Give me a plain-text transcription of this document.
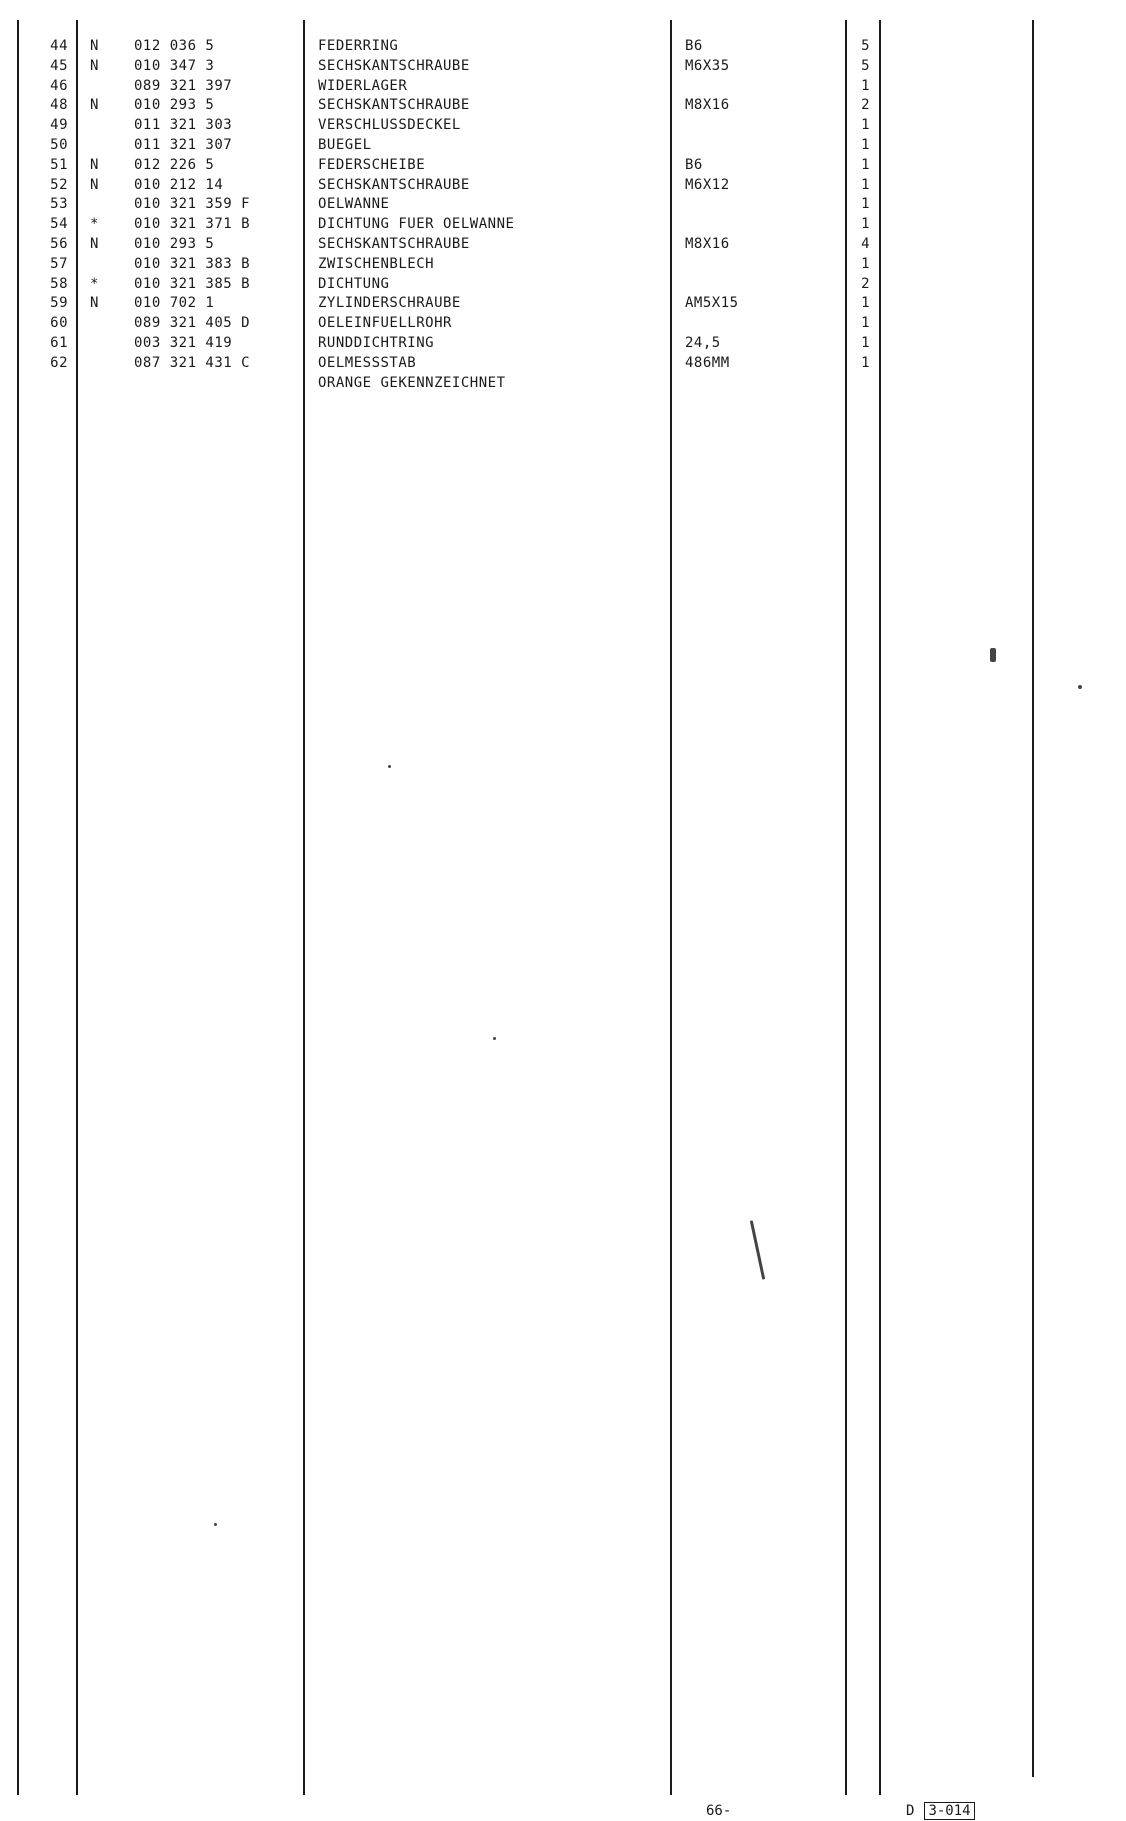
44 N	012 036 5	FEDERRING	B6	5
45 N	010 347 3	SECHSKANTSCHRAUBE	M6X35	5
46	089 321 397	WIDERLAGER	1
48 N	010 293 5	SECHSKANTSCHRAUBE	M8X16	2
49	011 321 303	VERSCHLUSSDECKEL	1
50	011 321 307	BUEGEL	1
51 N	012 226 5	FEDERSCHEIBE	B6	1
52 N	010 212 14	SECHSKANTSCHRAUBE	M6X12	1
53	010 321 359 F	OELWANNE	1
54 *	010 321 371 B	DICHTUNG FUER OELWANNE	1
56 N	010 293 5	SECHSKANTSCHRAUBE	M8X16	4
57	010 321 383 B	ZWISCHENBLECH	1
58 *	010 321 385 B	DICHTUNG	2
59 N	010 702 1	ZYLINDERSCHRAUBE	AM5X15	1
60	089 321 405 D	OELEINFUELLROHR	1
61	003 321 419	RUNDDICHTRING	24,5	1
62	087 321 431 C	OELMESSSTAB	486MM	1
ORANGE GEKENNZEICHNET
66-	D 3-014
